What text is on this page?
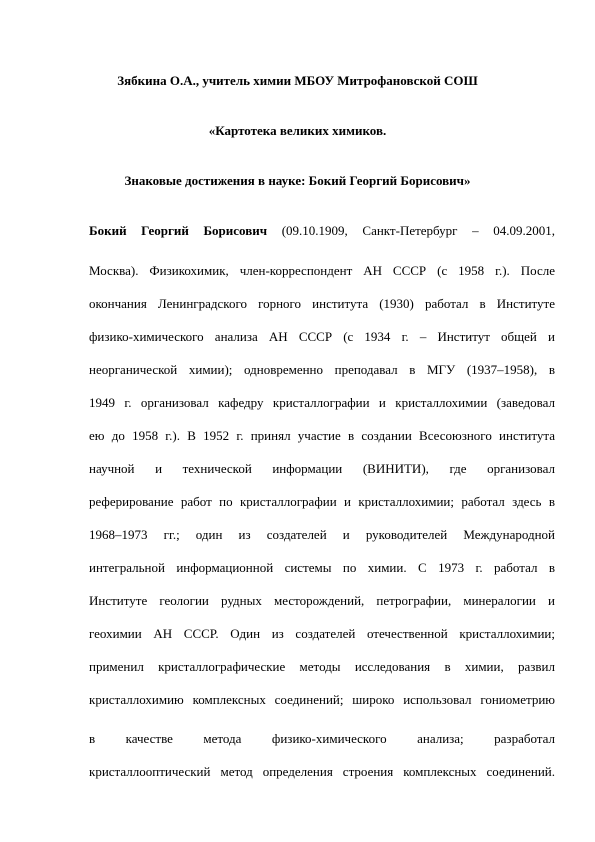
Зябкина О.А., учитель химии МБОУ Митрофановской СОШ
«Картотека великих химиков.
Знаковые достижения в науке: Бокий Георгий Борисович»
Бокий Георгий Борисович (09.10.1909, Санкт-Петербург – 04.09.2001,
Москва). Физикохимик, член-корреспондент АН СССР (с 1958 г.). После
окончания Ленинградского горного института (1930) работал в Институте
физико-химического анализа АН СССР (с 1934 г. – Институт общей и
неорганической химии); одновременно преподавал в МГУ (1937–1958), в
1949 г. организовал кафедру кристаллографии и кристаллохимии (заведовал
ею до 1958 г.). В 1952 г. принял участие в создании Всесоюзного института
научной и технической информации (ВИНИТИ), где организовал
реферирование работ по кристаллографии и кристаллохимии; работал здесь в
1968–1973 гг.; один из создателей и руководителей Международной
интегральной информационной системы по химии. С 1973 г. работал в
Институте геологии рудных месторождений, петрографии, минералогии и
геохимии АН СССР. Один из создателей отечественной кристаллохимии;
применил кристаллографические методы исследования в химии, развил
кристаллохимию комплексных соединений; широко использовал гониометрию
в качестве метода физико-химического анализа; разработал
кристаллооптический метод определения строения комплексных соединений.
